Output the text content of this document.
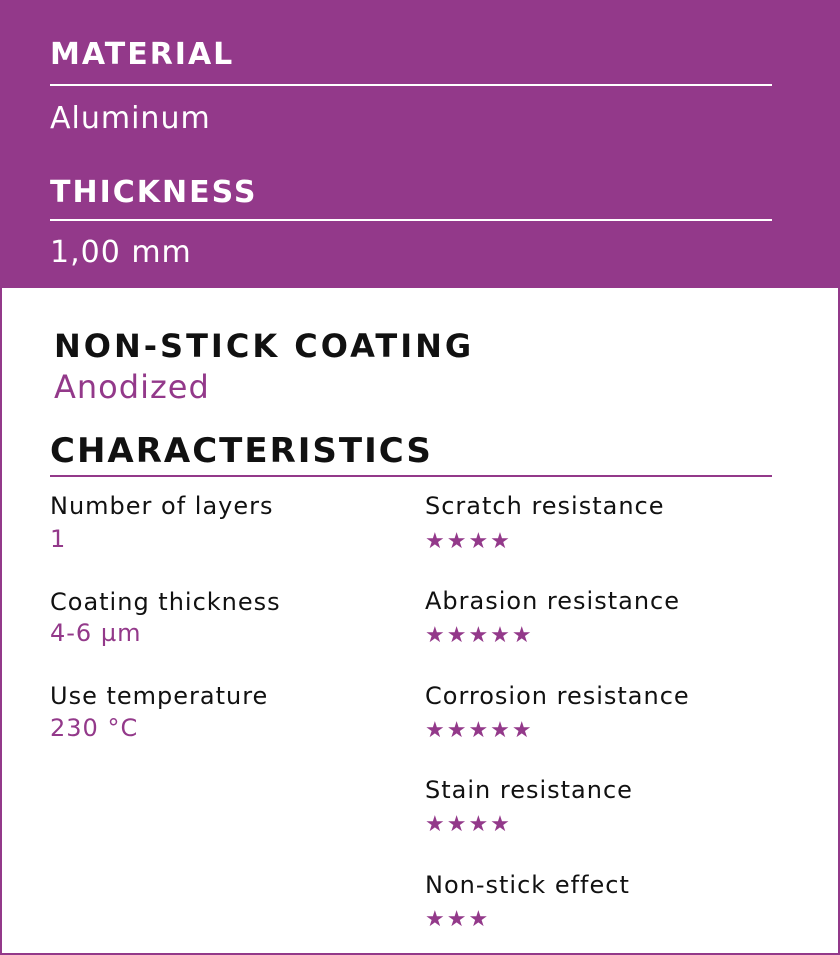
MATERIAL
Aluminum
THICKNESS
1,00 mm
NON-STICK COATING
Anodized
CHARACTERISTICS
Number of layers
1
Coating thickness
4-6 µm
Use temperature
230 °C
Scratch resistance
★★★★
Abrasion resistance
★★★★★
Corrosion resistance
★★★★★
Stain resistance
★★★★
Non-stick effect
★★★
